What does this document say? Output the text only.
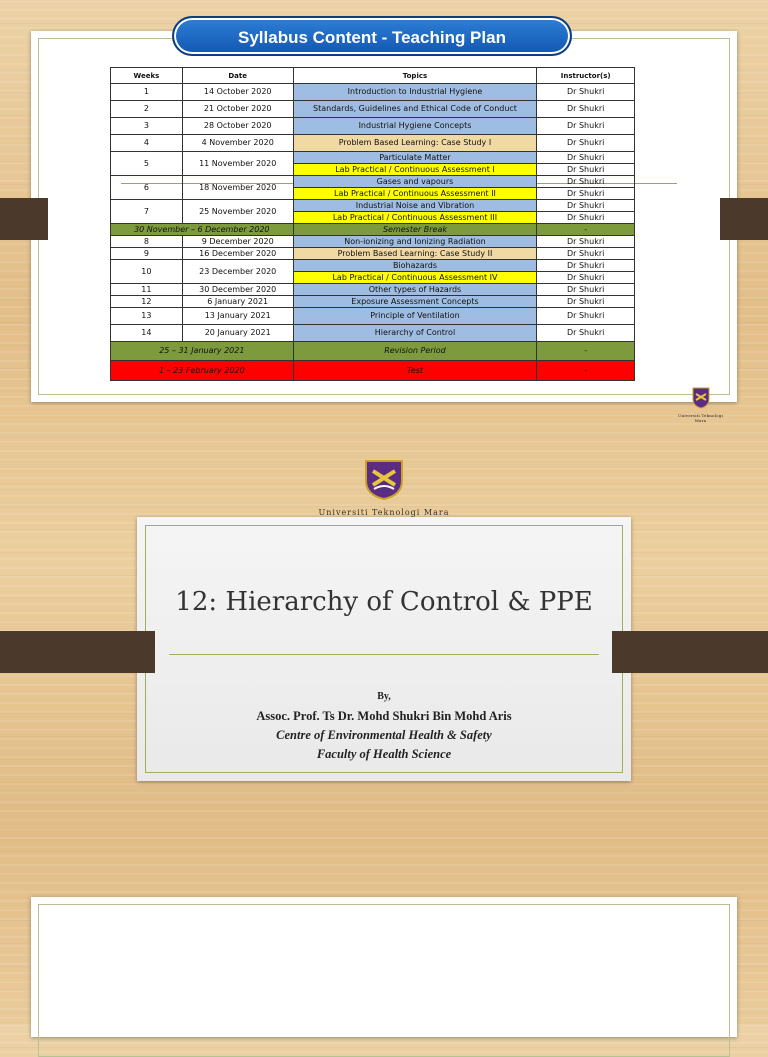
Syllabus Content - Teaching Plan
Weeks	Date	Topics	Instructor(s)
1	14 October 2020	Introduction to Industrial Hygiene	Dr Shukri
2	21 October 2020	Standards, Guidelines and Ethical Code of Conduct	Dr Shukri
3	28 October 2020	Industrial Hygiene Concepts	Dr Shukri
4	4 November 2020	Problem Based Learning: Case Study I	Dr Shukri
5	11 November 2020	Particulate Matter	Dr Shukri
		Lab Practical / Continuous Assessment I	Dr Shukri
6	18 November 2020	Gases and vapours	Dr Shukri
		Lab Practical / Continuous Assessment II	Dr Shukri
7	25 November 2020	Industrial Noise and Vibration	Dr Shukri
		Lab Practical / Continuous Assessment III	Dr Shukri
30 November – 6 December 2020		Semester Break	-
8	9 December 2020	Non-ionizing and Ionizing Radiation	Dr Shukri
9	16 December 2020	Problem Based Learning: Case Study II	Dr Shukri
10	23 December 2020	Biohazards	Dr Shukri
		Lab Practical / Continuous Assessment IV	Dr Shukri
11	30 December 2020	Other types of Hazards	Dr Shukri
12	6 January 2021	Exposure Assessment Concepts	Dr Shukri
13	13 January 2021	Principle of Ventilation	Dr Shukri
14	20 January 2021	Hierarchy of Control	Dr Shukri
25 – 31 January 2021		Revision Period	-
1 – 23 February 2020		Test	-
Universiti Teknologi Mara
Universiti Teknologi Mara
12: Hierarchy of Control & PPE
By,
Assoc. Prof. Ts Dr. Mohd Shukri Bin Mohd Aris
Centre of Environmental Health & Safety
Faculty of Health Science
